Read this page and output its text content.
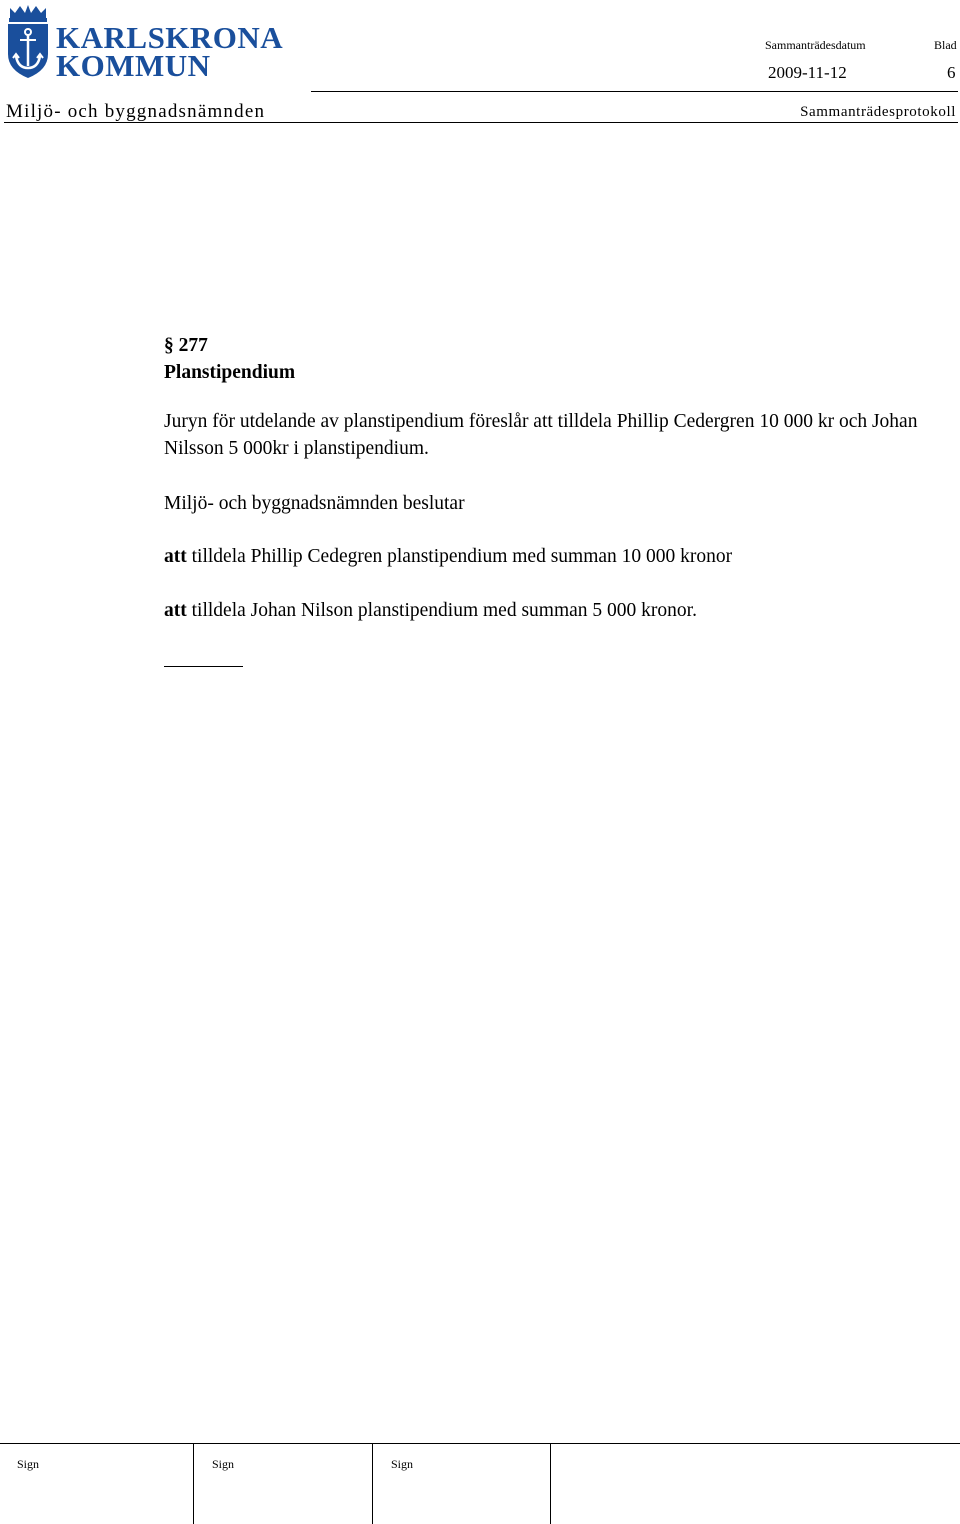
KARLSKRONA
KOMMUN
Sammanträdesdatum	Blad
2009-11-12	6
Miljö- och byggnadsnämnden	Sammanträdesprotokoll
§ 277
Planstipendium
Juryn för utdelande av planstipendium föreslår att tilldela Phillip Cedergren 10 000 kr och Johan Nilsson 5 000kr i planstipendium.
Miljö- och byggnadsnämnden beslutar
att tilldela Phillip Cedegren planstipendium med summan 10 000 kronor
att tilldela Johan Nilson planstipendium med summan 5 000 kronor.
Sign	Sign	Sign
